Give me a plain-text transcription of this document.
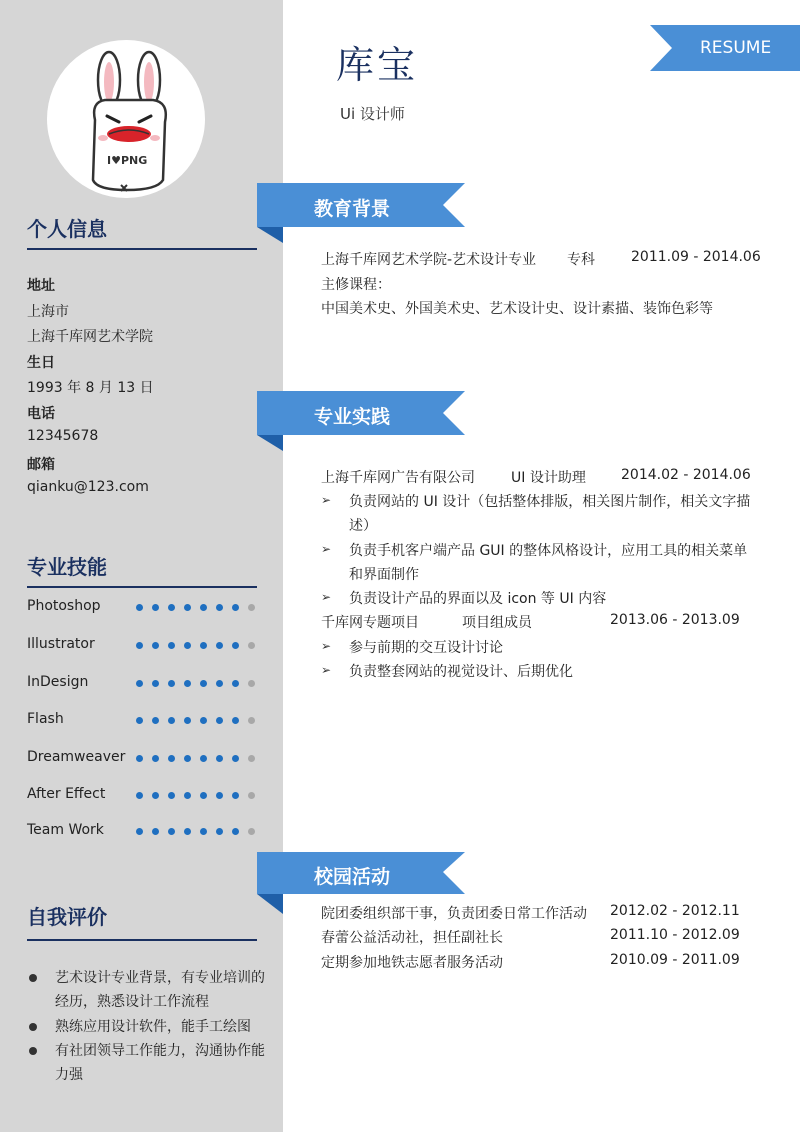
I♥PNG
个人信息
地址
上海市
上海千库网艺术学院
生日
1993 年 8 月 13 日
电话
12345678
邮箱
qianku@123.com
专业技能
Photoshop
Illustrator
InDesign
Flash
Dreamweaver
After Effect
Team Work
自我评价
艺术设计专业背景，有专业培训的经历，熟悉设计工作流程
熟练应用设计软件，能手工绘图
有社团领导工作能力，沟通协作能力强
库宝
Ui 设计师
RESUME
教育背景
专业实践
校园活动
上海千库网艺术学院-艺术设计专业 专科	2011.09 - 2014.06
主修课程：
中国美术史、外国美术史、艺术设计史、设计素描、装饰色彩等
上海千库网广告有限公司	UI 设计助理	2014.02 - 2014.06
➢ 负责网站的 UI 设计（包括整体排版，相关图片制作，相关文字描
述）
➢ 负责手机客户端产品 GUI 的整体风格设计，应用工具的相关菜单
和界面制作
➢ 负责设计产品的界面以及 icon 等 UI 内容
千库网专题项目	项目组成员	2013.06 - 2013.09
➢ 参与前期的交互设计讨论
➢ 负责整套网站的视觉设计、后期优化
院团委组织部干事，负责团委日常工作活动 2012.02 - 2012.11
春蕾公益活动社，担任副社长	2011.10 - 2012.09
定期参加地铁志愿者服务活动	2010.09 - 2011.09
